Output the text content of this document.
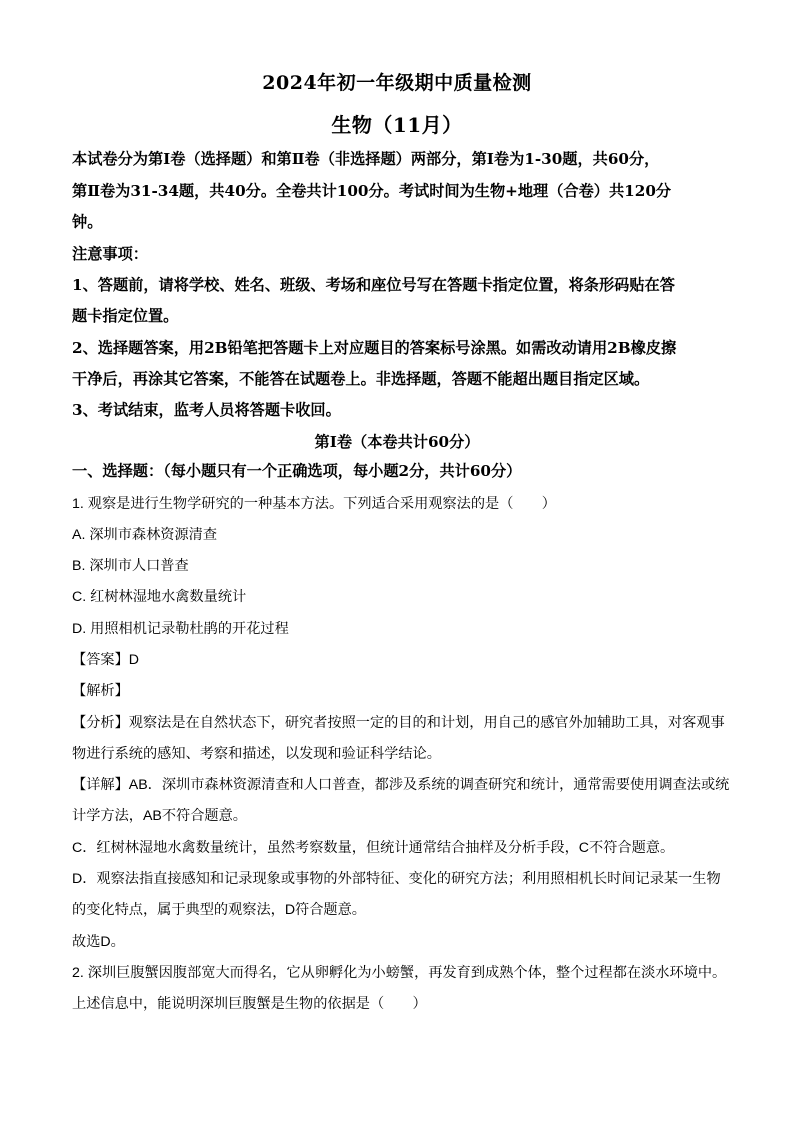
2024年初一年级期中质量检测
生物（11月）
本试卷分为第Ⅰ卷（选择题）和第Ⅱ卷（非选择题）两部分，第Ⅰ卷为1-30题，共60分，
第Ⅱ卷为31-34题，共40分。全卷共计100分。考试时间为生物+地理（合卷）共120分
钟。
注意事项：
1、答题前，请将学校、姓名、班级、考场和座位号写在答题卡指定位置，将条形码贴在答
题卡指定位置。
2、选择题答案，用2B铅笔把答题卡上对应题目的答案标号涂黑。如需改动请用2B橡皮擦
干净后，再涂其它答案，不能答在试题卷上。非选择题，答题不能超出题目指定区域。
3、考试结束，监考人员将答题卡收回。
第Ⅰ卷（本卷共计60分）
一、选择题：（每小题只有一个正确选项，每小题2分，共计60分）
1. 观察是进行生物学研究的一种基本方法。下列适合采用观察法的是（　　）
A. 深圳市森林资源清查
B. 深圳市人口普查
C. 红树林湿地水禽数量统计
D. 用照相机记录勒杜鹃的开花过程
【答案】D
【解析】
【分析】观察法是在自然状态下，研究者按照一定的目的和计划，用自己的感官外加辅助工具，对客观事
物进行系统的感知、考察和描述，以发现和验证科学结论。
【详解】AB．深圳市森林资源清查和人口普查，都涉及系统的调查研究和统计，通常需要使用调查法或统
计学方法，AB不符合题意。
C．红树林湿地水禽数量统计，虽然考察数量，但统计通常结合抽样及分析手段，C不符合题意。
D．观察法指直接感知和记录现象或事物的外部特征、变化的研究方法；利用照相机长时间记录某一生物
的变化特点，属于典型的观察法，D符合题意。
故选D。
2. 深圳巨腹蟹因腹部宽大而得名，它从卵孵化为小螃蟹，再发育到成熟个体，整个过程都在淡水环境中。
上述信息中，能说明深圳巨腹蟹是生物的依据是（　　）
